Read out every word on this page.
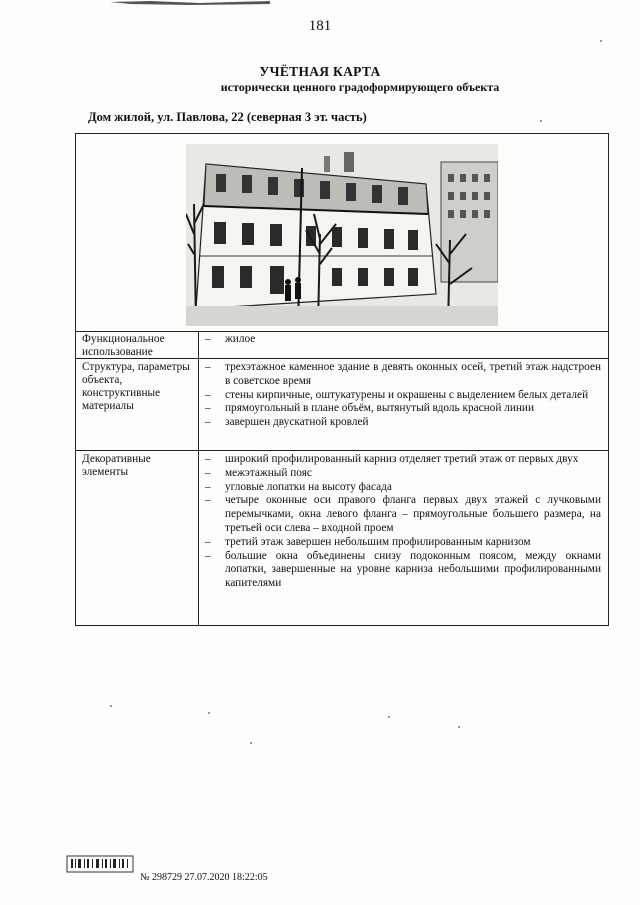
181
УЧЁТНАЯ КАРТА
исторически ценного градоформирующего объекта
Дом жилой, ул. Павлова, 22 (северная 3 эт. часть)
Функциональное использование
– жилое
Структура, параметры объекта, конструктивные материалы
– трехэтажное каменное здание в девять оконных осей, третий этаж надстроен в советское время
– стены кирпичные, оштукатурены и окрашены с выделением белых деталей
– прямоугольный в плане объём, вытянутый вдоль красной линии
– завершен двускатной кровлей
Декоративные элементы
– широкий профилированный карниз отделяет третий этаж от первых двух
– межэтажный пояс
– угловые лопатки на высоту фасада
– четыре оконные оси правого фланга первых двух этажей с лучковыми перемычками, окна левого фланга – прямоугольные большего размера, на третьей оси слева – входной проем
– третий этаж завершен небольшим профилированным карнизом
– большие окна объединены снизу подоконным поясом, между окнами лопатки, завершенные на уровне карниза небольшими профилированными капителями
№ 298729 27.07.2020 18:22:05
